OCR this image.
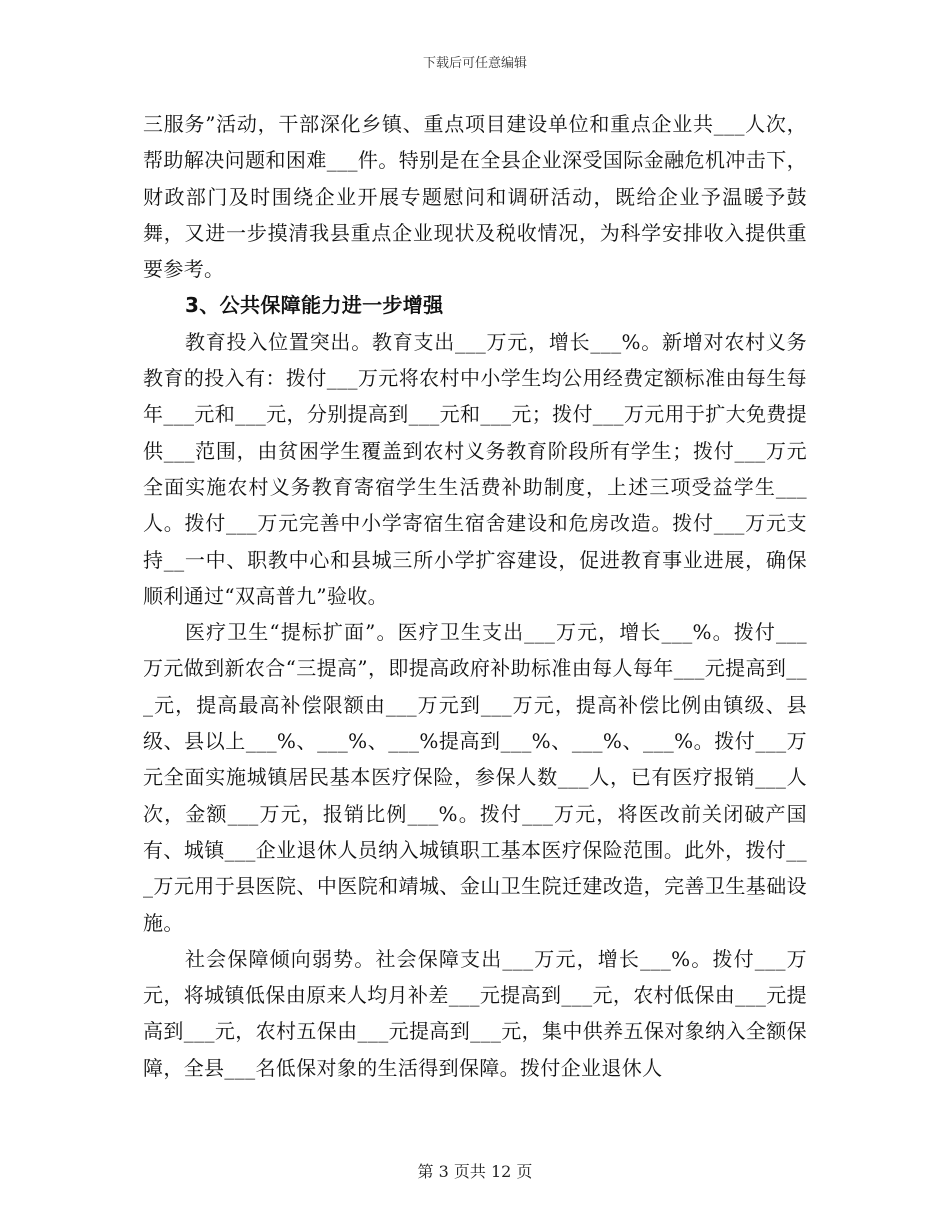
下载后可任意编辑

三服务”活动，干部深化乡镇、重点项目建设单位和重点企业共___人次，帮助解决问题和困难___件。特别是在全县企业深受国际金融危机冲击下，财政部门及时围绕企业开展专题慰问和调研活动，既给企业予温暖予鼓舞，又进一步摸清我县重点企业现状及税收情况，为科学安排收入提供重要参考。

3、公共保障能力进一步增强

教育投入位置突出。教育支出___万元，增长___%。新增对农村义务教育的投入有：拨付___万元将农村中小学生均公用经费定额标准由每生每年___元和___元，分别提高到___元和___元；拨付___万元用于扩大免费提供___范围，由贫困学生覆盖到农村义务教育阶段所有学生；拨付___万元全面实施农村义务教育寄宿学生生活费补助制度，上述三项受益学生___人。拨付___万元完善中小学寄宿生宿舍建设和危房改造。拨付___万元支持__一中、职教中心和县城三所小学扩容建设，促进教育事业进展，确保顺利通过“双高普九”验收。

医疗卫生“提标扩面”。医疗卫生支出___万元，增长___%。拨付___万元做到新农合“三提高”，即提高政府补助标准由每人每年___元提高到___元，提高最高补偿限额由___万元到___万元，提高补偿比例由镇级、县级、县以上___%、___%、___%提高到___%、___%、___%。拨付___万元全面实施城镇居民基本医疗保险，参保人数___人，已有医疗报销___人次，金额___万元，报销比例___%。拨付___万元，将医改前关闭破产国有、城镇___企业退休人员纳入城镇职工基本医疗保险范围。此外，拨付___万元用于县医院、中医院和靖城、金山卫生院迁建改造，完善卫生基础设施。

社会保障倾向弱势。社会保障支出___万元，增长___%。拨付___万元，将城镇低保由原来人均月补差___元提高到___元，农村低保由___元提高到___元，农村五保由___元提高到___元，集中供养五保对象纳入全额保障，全县___名低保对象的生活得到保障。拨付企业退休人

第 3 页共 12 页
